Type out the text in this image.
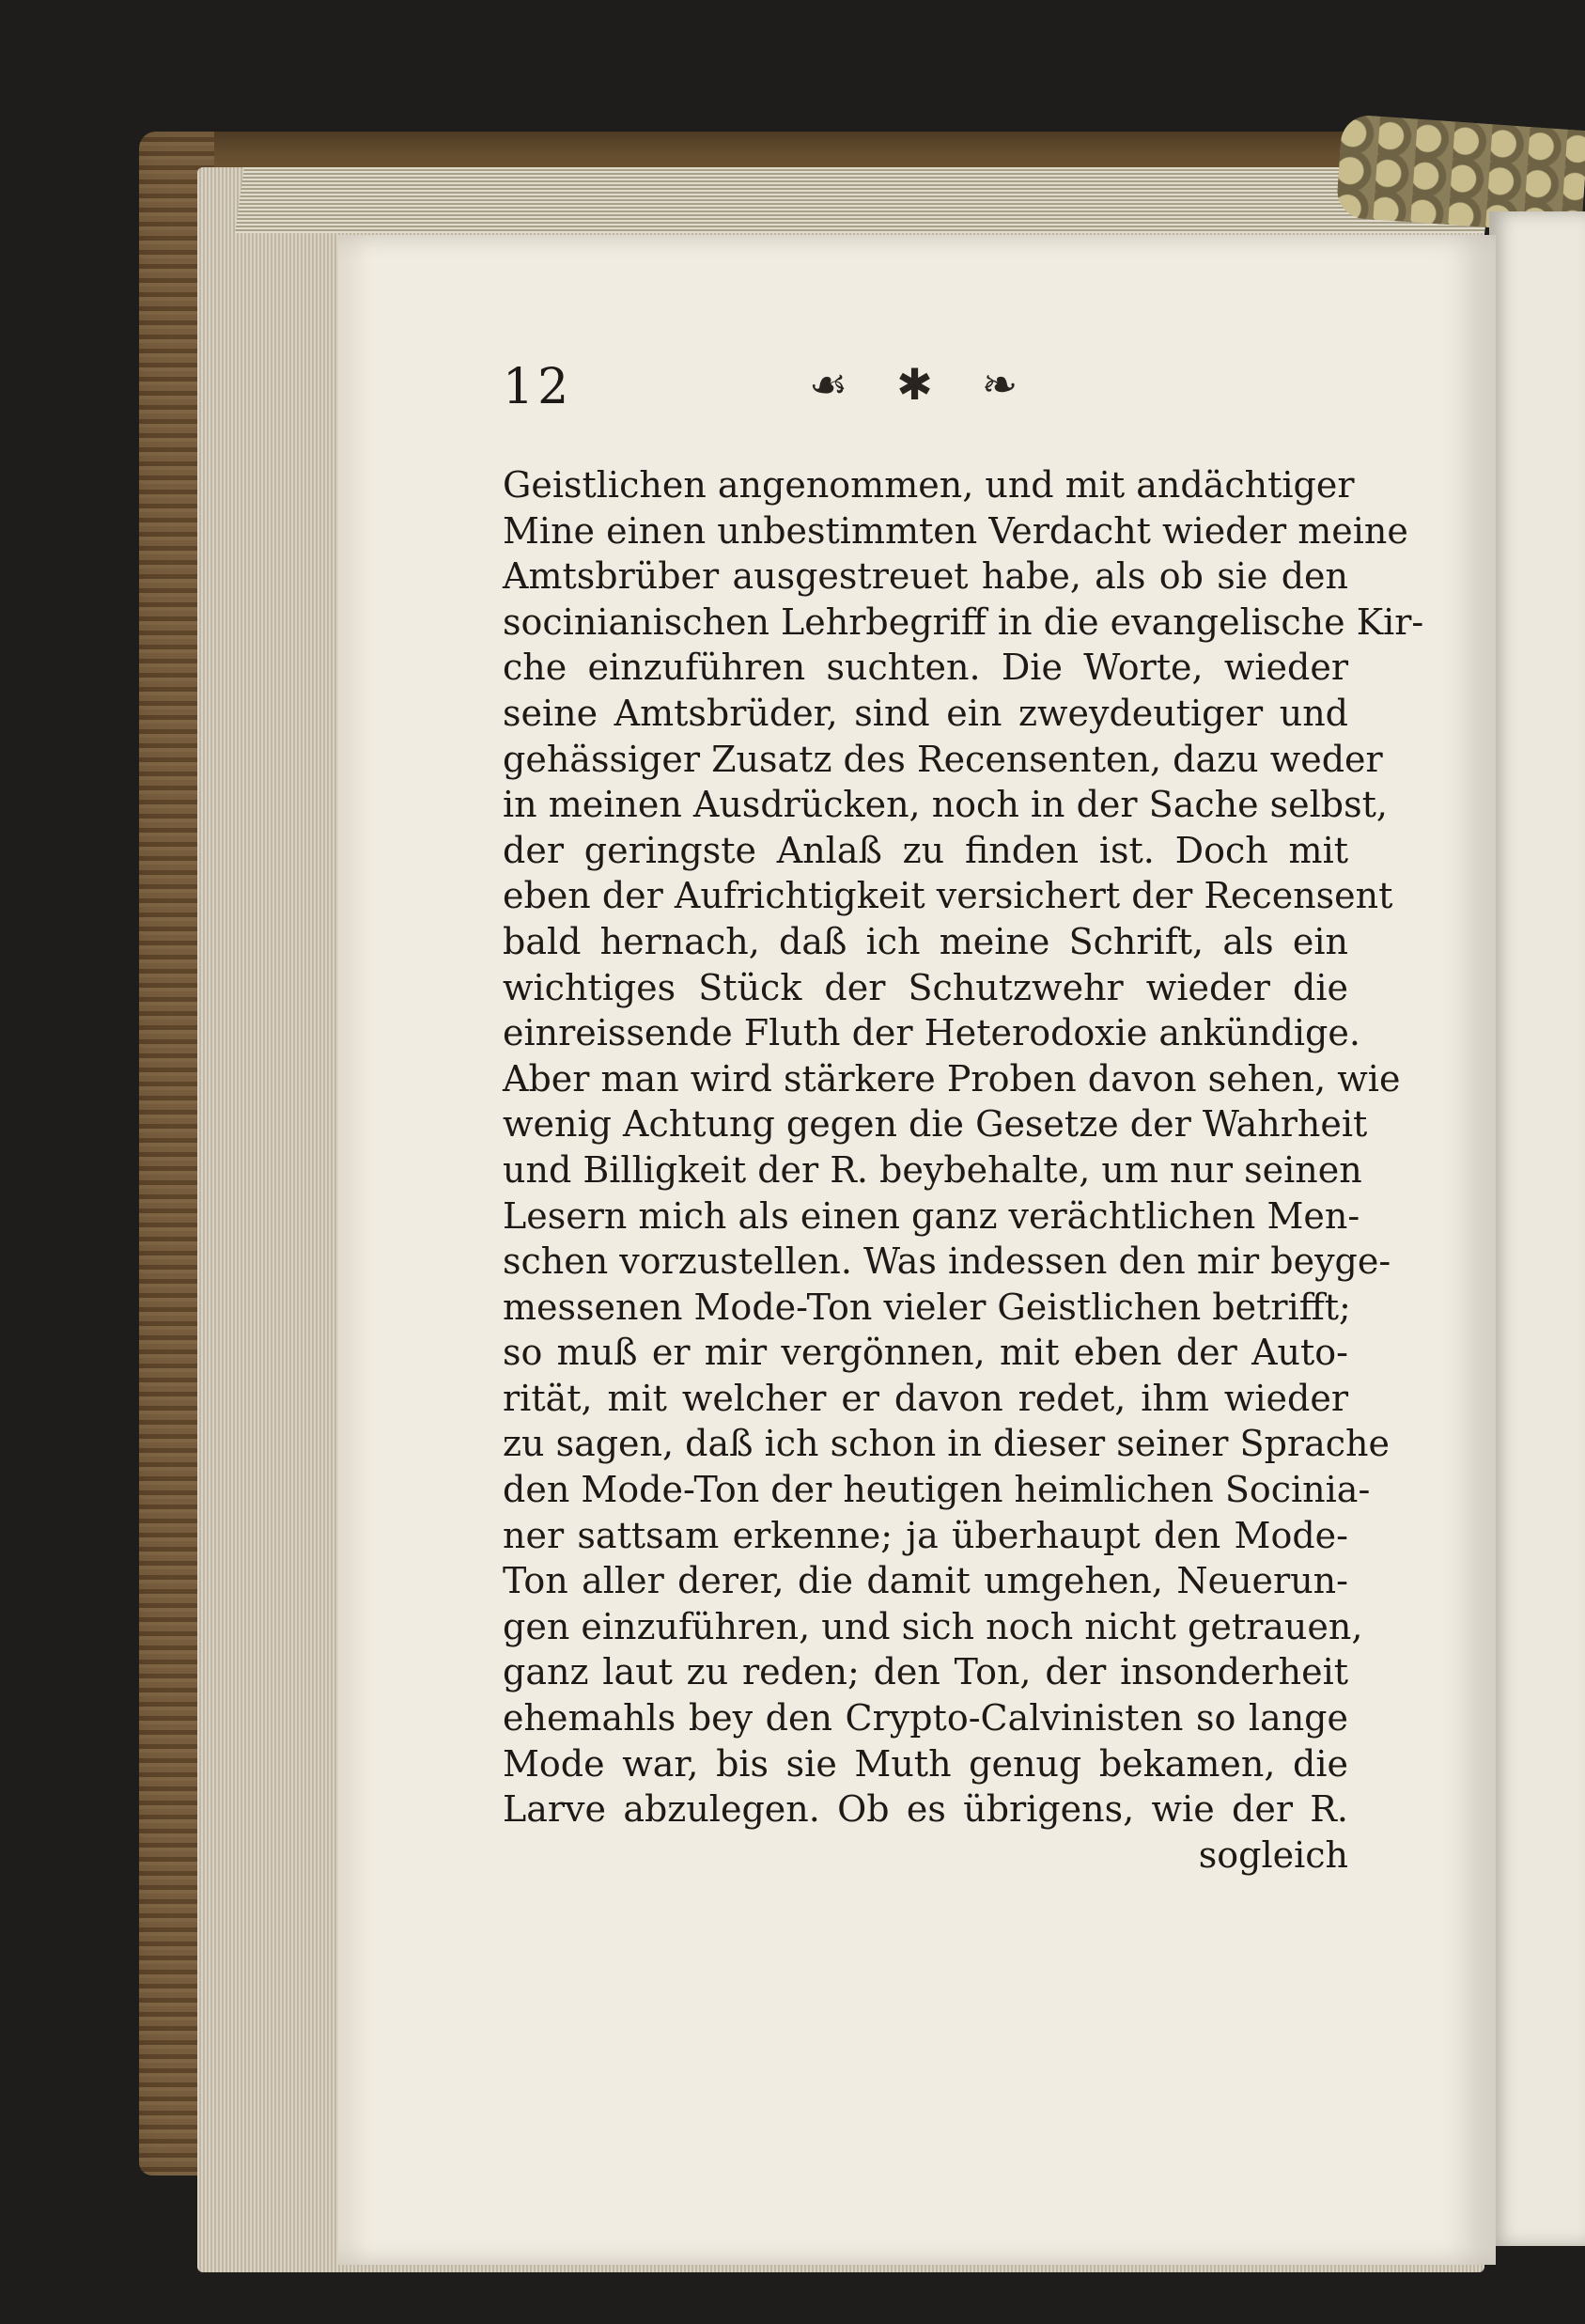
12	☙ ✱ ❧
Geistlichen angenommen, und mit andächtiger
Mine einen unbestimmten Verdacht wieder meine
Amtsbrüber ausgestreuet habe, als ob sie den
socinianischen Lehrbegriff in die evangelische Kir-
che einzuführen suchten. Die Worte, wieder
seine Amtsbrüder, sind ein zweydeutiger und
gehässiger Zusatz des Recensenten, dazu weder
in meinen Ausdrücken, noch in der Sache selbst,
der geringste Anlaß zu finden ist. Doch mit
eben der Aufrichtigkeit versichert der Recensent
bald hernach, daß ich meine Schrift, als ein
wichtiges Stück der Schutzwehr wieder die
einreissende Fluth der Heterodoxie ankündige.
Aber man wird stärkere Proben davon sehen, wie
wenig Achtung gegen die Gesetze der Wahrheit
und Billigkeit der R. beybehalte, um nur seinen
Lesern mich als einen ganz verächtlichen Men-
schen vorzustellen. Was indessen den mir beyge-
messenen Mode-Ton vieler Geistlichen betrifft;
so muß er mir vergönnen, mit eben der Auto-
rität, mit welcher er davon redet, ihm wieder
zu sagen, daß ich schon in dieser seiner Sprache
den Mode-Ton der heutigen heimlichen Socinia-
ner sattsam erkenne; ja überhaupt den Mode-
Ton aller derer, die damit umgehen, Neuerun-
gen einzuführen, und sich noch nicht getrauen,
ganz laut zu reden; den Ton, der insonderheit
ehemahls bey den Crypto-Calvinisten so lange
Mode war, bis sie Muth genug bekamen, die
Larve abzulegen. Ob es übrigens, wie der R.
sogleich
